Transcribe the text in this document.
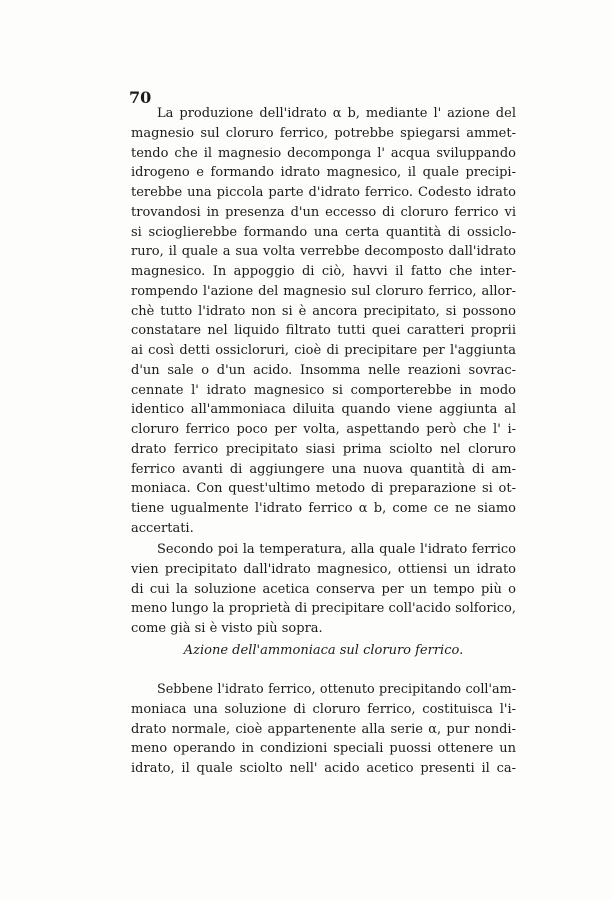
70

La produzione dell'idrato α b, mediante l' azione del
magnesio sul cloruro ferrico, potrebbe spiegarsi ammet-
tendo che il magnesio decomponga l' acqua sviluppando
idrogeno e formando idrato magnesico, il quale precipi-
terebbe una piccola parte d'idrato ferrico. Codesto idrato
trovandosi in presenza d'un eccesso di cloruro ferrico vi
si scioglierebbe formando una certa quantità di ossiclo-
ruro, il quale a sua volta verrebbe decomposto dall'idrato
magnesico. In appoggio di ciò, havvi il fatto che inter-
rompendo l'azione del magnesio sul cloruro ferrico, allor-
chè tutto l'idrato non si è ancora precipitato, si possono
constatare nel liquido filtrato tutti quei caratteri proprii
ai così detti ossicloruri, cioè di precipitare per l'aggiunta
d'un sale o d'un acido. Insomma nelle reazioni sovrac-
cennate l' idrato magnesico si comporterebbe in modo
identico all'ammoniaca diluita quando viene aggiunta al
cloruro ferrico poco per volta, aspettando però che l' i-
drato ferrico precipitato siasi prima sciolto nel cloruro
ferrico avanti di aggiungere una nuova quantità di am-
moniaca. Con quest'ultimo metodo di preparazione si ot-
tiene ugualmente l'idrato ferrico α b, come ce ne siamo
accertati.
Secondo poi la temperatura, alla quale l'idrato ferrico
vien precipitato dall'idrato magnesico, ottiensi un idrato
di cui la soluzione acetica conserva per un tempo più o
meno lungo la proprietà di precipitare coll'acido solforico,
come già si è visto più sopra.

Azione dell'ammoniaca sul cloruro ferrico.

Sebbene l'idrato ferrico, ottenuto precipitando coll'am-
moniaca una soluzione di cloruro ferrico, costituisca l'i-
drato normale, cioè appartenente alla serie α, pur nondi-
meno operando in condizioni speciali puossi ottenere un
idrato, il quale sciolto nell' acido acetico presenti il ca-
